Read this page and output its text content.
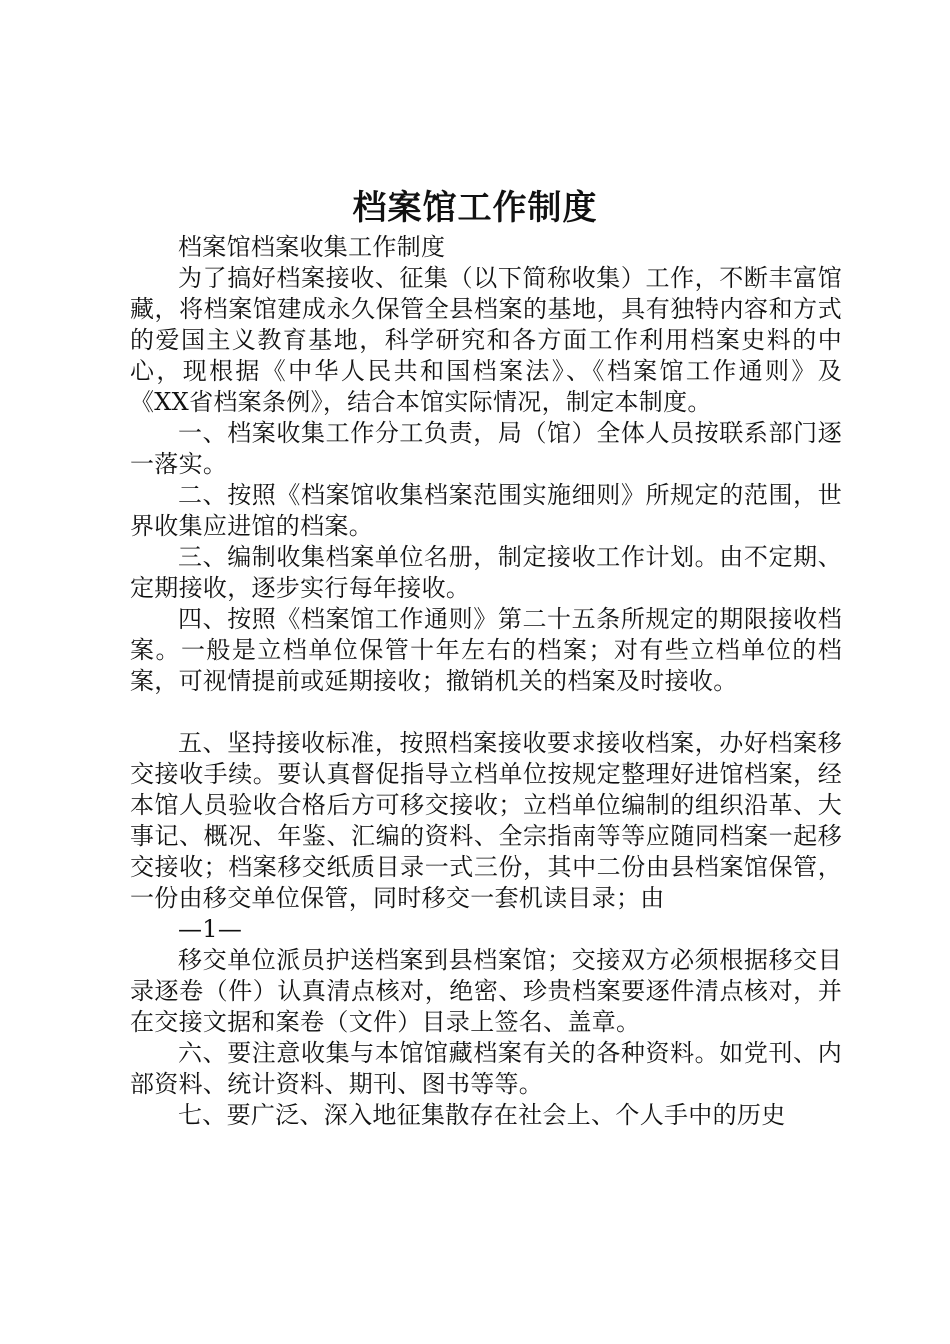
档案馆工作制度

档案馆档案收集工作制度

为了搞好档案接收、征集（以下简称收集）工作，不断丰富馆藏，将档案馆建成永久保管全县档案的基地，具有独特内容和方式的爱国主义教育基地，科学研究和各方面工作利用档案史料的中心，现根据《中华人民共和国档案法》、《档案馆工作通则》及《XX省档案条例》，结合本馆实际情况，制定本制度。

一、档案收集工作分工负责，局（馆）全体人员按联系部门逐一落实。

二、按照《档案馆收集档案范围实施细则》所规定的范围，世界收集应进馆的档案。

三、编制收集档案单位名册，制定接收工作计划。由不定期、定期接收，逐步实行每年接收。

四、按照《档案馆工作通则》第二十五条所规定的期限接收档案。一般是立档单位保管十年左右的档案；对有些立档单位的档案，可视情提前或延期接收；撤销机关的档案及时接收。

五、坚持接收标准，按照档案接收要求接收档案，办好档案移交接收手续。要认真督促指导立档单位按规定整理好进馆档案，经本馆人员验收合格后方可移交接收；立档单位编制的组织沿革、大事记、概况、年鉴、汇编的资料、全宗指南等等应随同档案一起移交接收；档案移交纸质目录一式三份，其中二份由县档案馆保管，一份由移交单位保管，同时移交一套机读目录；由

—1—

移交单位派员护送档案到县档案馆；交接双方必须根据移交目录逐卷（件）认真清点核对，绝密、珍贵档案要逐件清点核对，并在交接文据和案卷（文件）目录上签名、盖章。

六、要注意收集与本馆馆藏档案有关的各种资料。如党刊、内部资料、统计资料、期刊、图书等等。

七、要广泛、深入地征集散存在社会上、个人手中的历史
